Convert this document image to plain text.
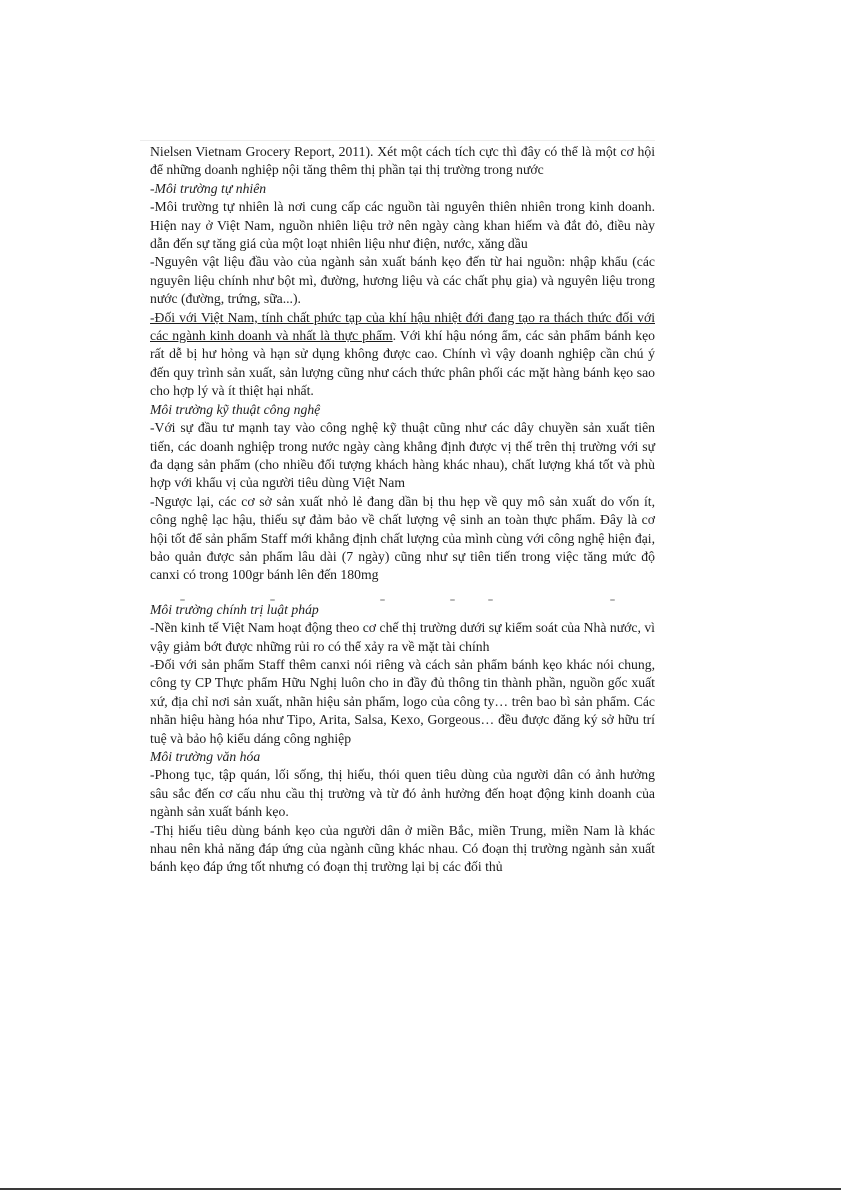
Nielsen Vietnam Grocery Report, 2011). Xét một cách tích cực thì đây có thể là một cơ hội để những doanh nghiệp nội tăng thêm thị phần tại thị trường trong nước

-Môi trường tự nhiên

-Môi trường tự nhiên là nơi cung cấp các nguồn tài nguyên thiên nhiên trong kinh doanh. Hiện nay ở Việt Nam, nguồn nhiên liệu trở nên ngày càng khan hiếm và đắt đỏ, điều này dẫn đến sự tăng giá của một loạt nhiên liệu như điện, nước, xăng dầu

-Nguyên vật liệu đầu vào của ngành sản xuất bánh kẹo đến từ hai nguồn: nhập khẩu (các nguyên liệu chính như bột mì, đường, hương liệu và các chất phụ gia) và nguyên liệu trong nước (đường, trứng, sữa...).

-Đối với Việt Nam, tính chất phức tạp của khí hậu nhiệt đới đang tạo ra thách thức đối với các ngành kinh doanh và nhất là thực phẩm. Với khí hậu nóng ẩm, các sản phẩm bánh kẹo rất dễ bị hư hỏng và hạn sử dụng không được cao. Chính vì vậy doanh nghiệp cần chú ý đến quy trình sản xuất, sản lượng cũng như cách thức phân phối các mặt hàng bánh kẹo sao cho hợp lý và ít thiệt hại nhất.

Môi trường kỹ thuật công nghệ

-Với sự đầu tư mạnh tay vào công nghệ kỹ thuật cũng như các dây chuyền sản xuất tiên tiến, các doanh nghiệp trong nước ngày càng khẳng định được vị thế trên thị trường với sự đa dạng sản phẩm (cho nhiều đối tượng khách hàng khác nhau), chất lượng khá tốt và phù hợp với khẩu vị của người tiêu dùng Việt Nam

-Ngược lại, các cơ sở sản xuất nhỏ lẻ đang dần bị thu hẹp về quy mô sản xuất do vốn ít, công nghệ lạc hậu, thiếu sự đảm bảo về chất lượng vệ sinh an toàn thực phẩm. Đây là cơ hội tốt để sản phẩm Staff mới khẳng định chất lượng của mình cùng với công nghệ hiện đại, bảo quản được sản phẩm lâu dài (7 ngày) cũng như sự tiên tiến trong việc tăng mức độ canxi có trong 100gr bánh lên đến 180mg

Môi trường chính trị luật pháp

-Nền kinh tế Việt Nam hoạt động theo cơ chế thị trường dưới sự kiểm soát của Nhà nước, vì vậy giảm bớt được những rủi ro có thể xảy ra về mặt tài chính

-Đối với sản phẩm Staff thêm canxi nói riêng và cách sản phẩm bánh kẹo khác nói chung, công ty CP Thực phẩm Hữu Nghị luôn cho in đầy đủ thông tin thành phần, nguồn gốc xuất xứ, địa chỉ nơi sản xuất, nhãn hiệu sản phẩm, logo của công ty… trên bao bì sản phẩm. Các nhãn hiệu hàng hóa như Tipo, Arita, Salsa, Kexo, Gorgeous… đều được đăng ký sở hữu trí tuệ và bảo hộ kiểu dáng công nghiệp

Môi trường văn hóa

-Phong tục, tập quán, lối sống, thị hiếu, thói quen tiêu dùng của người dân có ảnh hưởng sâu sắc đến cơ cấu nhu cầu thị trường và từ đó ảnh hưởng đến hoạt động kinh doanh của ngành sản xuất bánh kẹo.

-Thị hiếu tiêu dùng bánh kẹo của người dân ở miền Bắc, miền Trung, miền Nam là khác nhau nên khả năng đáp ứng của ngành cũng khác nhau. Có đoạn thị trường ngành sản xuất bánh kẹo đáp ứng tốt nhưng có đoạn thị trường lại bị các đối thủ
